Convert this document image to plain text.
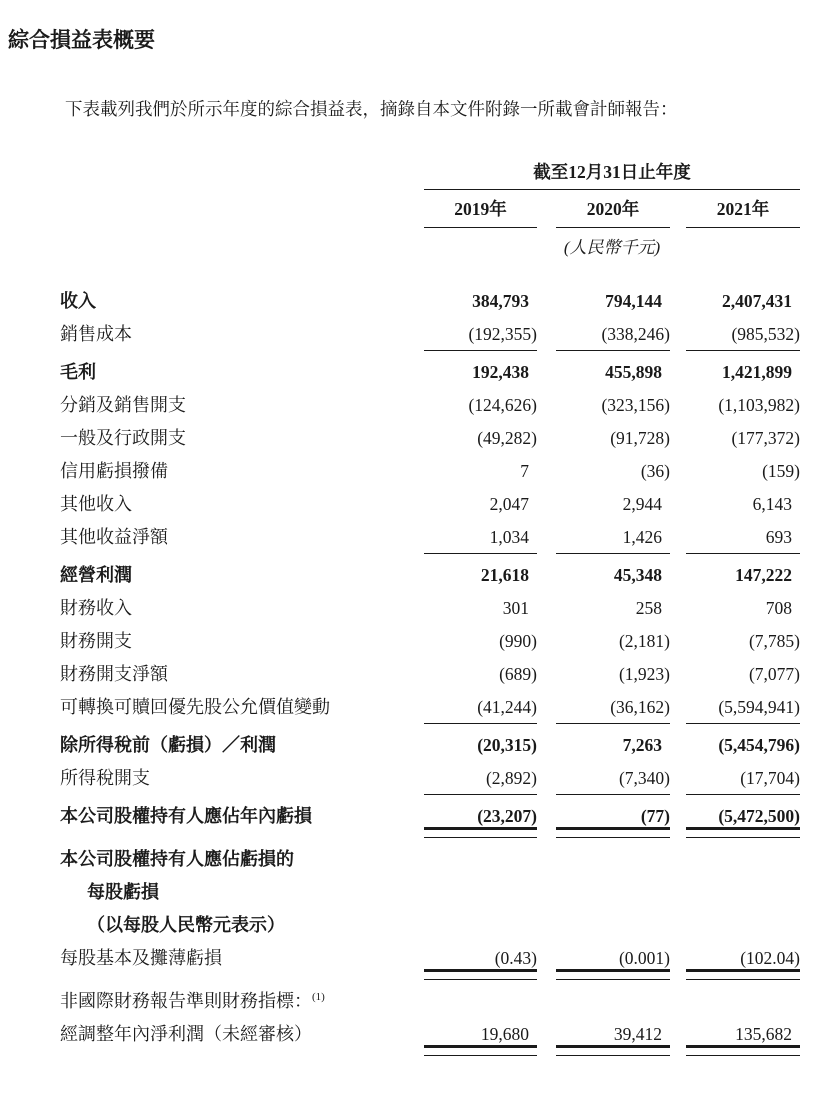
綜合損益表概要

下表載列我們於所示年度的綜合損益表，摘錄自本文件附錄一所載會計師報告：

截至12月31日止年度
2019年	2020年	2021年
(人民幣千元)
收入	384,793	794,144	2,407,431
銷售成本	(192,355)	(338,246)	(985,532)
毛利	192,438	455,898	1,421,899
分銷及銷售開支	(124,626)	(323,156)	(1,103,982)
一般及行政開支	(49,282)	(91,728)	(177,372)
信用虧損撥備	7	(36)	(159)
其他收入	2,047	2,944	6,143
其他收益淨額	1,034	1,426	693
經營利潤	21,618	45,348	147,222
財務收入	301	258	708
財務開支	(990)	(2,181)	(7,785)
財務開支淨額	(689)	(1,923)	(7,077)
可轉換可贖回優先股公允價值變動	(41,244)	(36,162)	(5,594,941)
除所得稅前（虧損）／利潤	(20,315)	7,263	(5,454,796)
所得稅開支	(2,892)	(7,340)	(17,704)
本公司股權持有人應佔年內虧損	(23,207)	(77)	(5,472,500)
本公司股權持有人應佔虧損的
每股虧損
（以每股人民幣元表示）
每股基本及攤薄虧損	(0.43)	(0.001)	(102.04)
非國際財務報告準則財務指標：$^{(1)}$
經調整年內淨利潤（未經審核）	19,680	39,412	135,682
